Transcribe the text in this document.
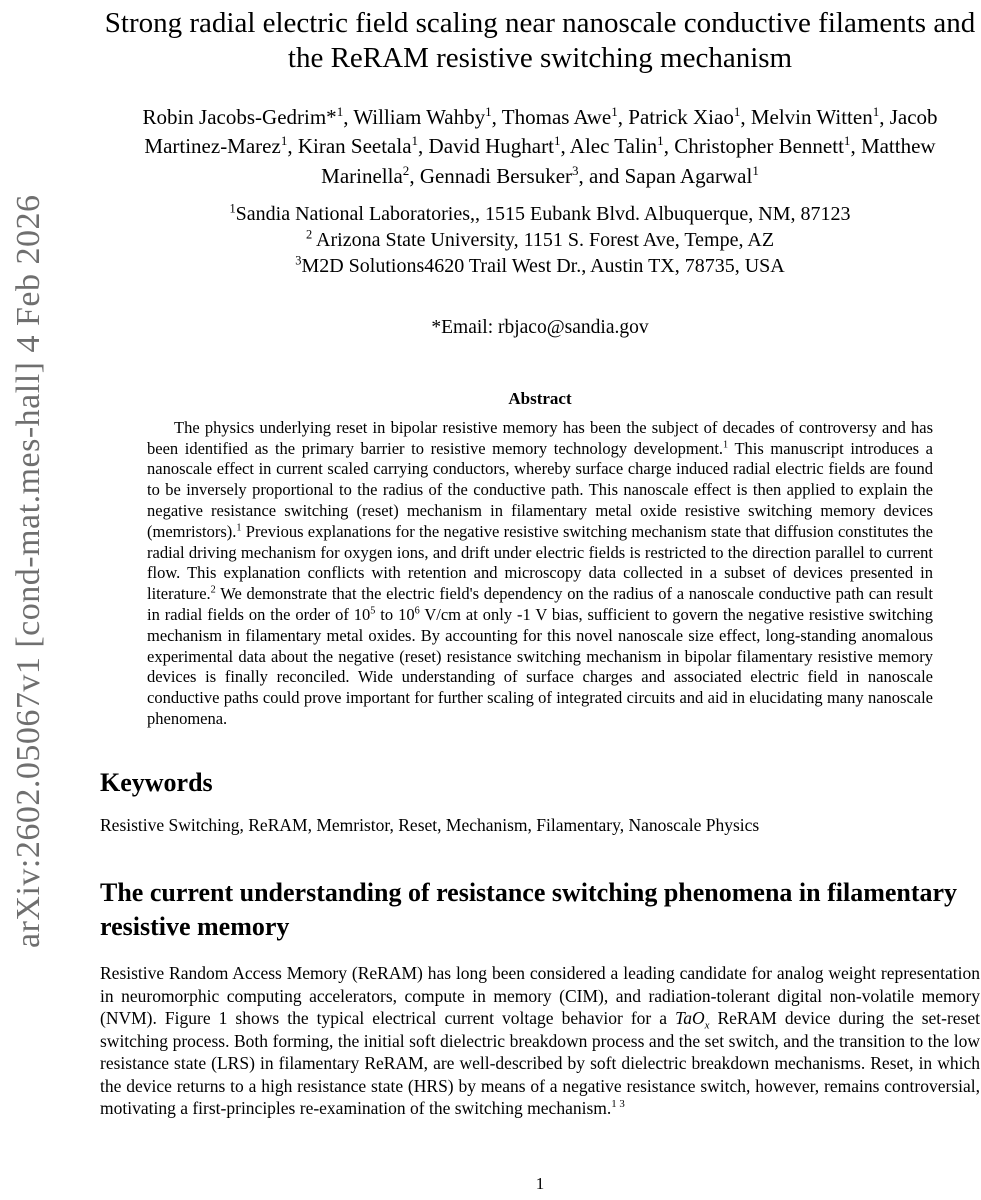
arXiv:2602.05067v1 [cond-mat.mes-hall] 4 Feb 2026
Strong radial electric field scaling near nanoscale conductive filaments and the ReRAM resistive switching mechanism
Robin Jacobs-Gedrim*$^1$, William Wahby$^1$, Thomas Awe$^1$, Patrick Xiao$^1$, Melvin Witten$^1$, Jacob Martinez-Marez$^1$, Kiran Seetala$^1$, David Hughart$^1$, Alec Talin$^1$, Christopher Bennett$^1$, Matthew Marinella$^2$, Gennadi Bersuker$^3$, and Sapan Agarwal$^1$
$^1$Sandia National Laboratories,, 1515 Eubank Blvd. Albuquerque, NM, 87123
$^2$ Arizona State University, 1151 S. Forest Ave, Tempe, AZ
$^3$M2D Solutions4620 Trail West Dr., Austin TX, 78735, USA
*Email: rbjaco@sandia.gov
Abstract

The physics underlying reset in bipolar resistive memory has been the subject of decades of controversy and has been identified as the primary barrier to resistive memory technology development.$^1$ This manuscript introduces a nanoscale effect in current scaled carrying conductors, whereby surface charge induced radial electric fields are found to be inversely proportional to the radius of the conductive path. This nanoscale effect is then applied to explain the negative resistance switching (reset) mechanism in filamentary metal oxide resistive switching memory devices (memristors).$^1$ Previous explanations for the negative resistive switching mechanism state that diffusion constitutes the radial driving mechanism for oxygen ions, and drift under electric fields is restricted to the direction parallel to current flow. This explanation conflicts with retention and microscopy data collected in a subset of devices presented in literature.$^2$ We demonstrate that the electric field's dependency on the radius of a nanoscale conductive path can result in radial fields on the order of $10^5$ to $10^6$ V/cm at only -1 V bias, sufficient to govern the negative resistive switching mechanism in filamentary metal oxides. By accounting for this novel nanoscale size effect, long-standing anomalous experimental data about the negative (reset) resistance switching mechanism in bipolar filamentary resistive memory devices is finally reconciled. Wide understanding of surface charges and associated electric field in nanoscale conductive paths could prove important for further scaling of integrated circuits and aid in elucidating many nanoscale phenomena.

Keywords

Resistive Switching, ReRAM, Memristor, Reset, Mechanism, Filamentary, Nanoscale Physics

The current understanding of resistance switching phenomena in filamentary resistive memory

Resistive Random Access Memory (ReRAM) has long been considered a leading candidate for analog weight representation in neuromorphic computing accelerators, compute in memory (CIM), and radiation-tolerant digital non-volatile memory (NVM). Figure 1 shows the typical electrical current voltage behavior for a TaO$_x$ ReRAM device during the set-reset switching process. Both forming, the initial soft dielectric breakdown process and the set switch, and the transition to the low resistance state (LRS) in filamentary ReRAM, are well-described by soft dielectric breakdown mechanisms. Reset, in which the device returns to a high resistance state (HRS) by means of a negative resistance switch, however, remains controversial, motivating a first-principles re-examination of the switching mechanism.$^{1 3}$

1
